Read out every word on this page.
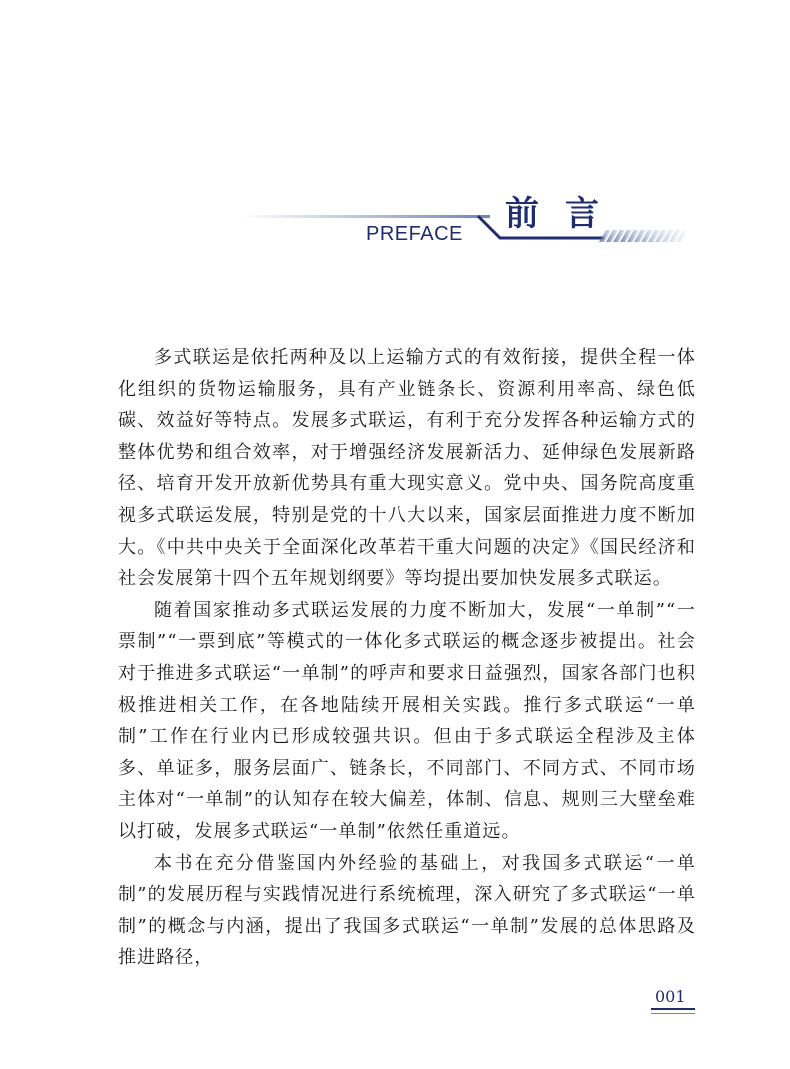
前言
PREFACE

多式联运是依托两种及以上运输方式的有效衔接，提供全程一体化组织的货物运输服务，具有产业链条长、资源利用率高、绿色低碳、效益好等特点。发展多式联运，有利于充分发挥各种运输方式的整体优势和组合效率，对于增强经济发展新活力、延伸绿色发展新路径、培育开发开放新优势具有重大现实意义。党中央、国务院高度重视多式联运发展，特别是党的十八大以来，国家层面推进力度不断加大。《中共中央关于全面深化改革若干重大问题的决定》《国民经济和社会发展第十四个五年规划纲要》等均提出要加快发展多式联运。

随着国家推动多式联运发展的力度不断加大，发展“一单制”“一票制”“一票到底”等模式的一体化多式联运的概念逐步被提出。社会对于推进多式联运“一单制”的呼声和要求日益强烈，国家各部门也积极推进相关工作，在各地陆续开展相关实践。推行多式联运“一单制”工作在行业内已形成较强共识。但由于多式联运全程涉及主体多、单证多，服务层面广、链条长，不同部门、不同方式、不同市场主体对“一单制”的认知存在较大偏差，体制、信息、规则三大壁垒难以打破，发展多式联运“一单制”依然任重道远。

本书在充分借鉴国内外经验的基础上，对我国多式联运“一单制”的发展历程与实践情况进行系统梳理，深入研究了多式联运“一单制”的概念与内涵，提出了我国多式联运“一单制”发展的总体思路及推进路径，

001
